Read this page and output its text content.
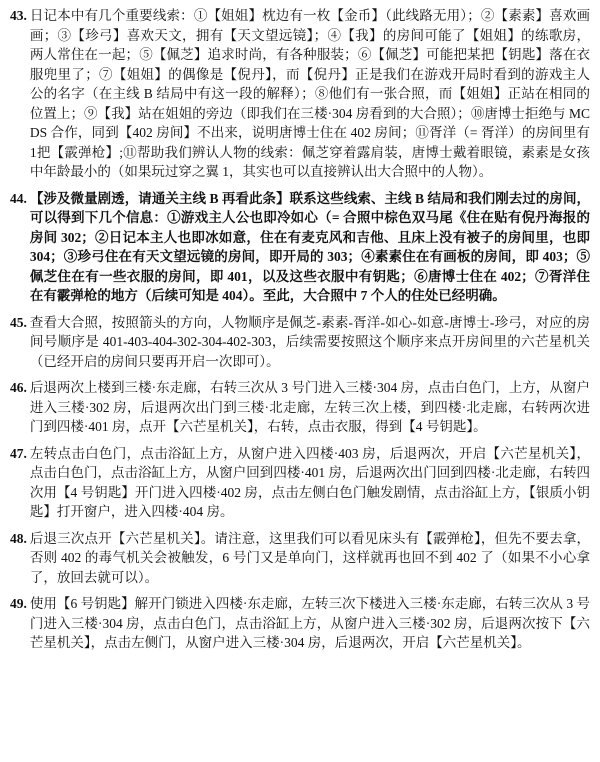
43. 日记本中有几个重要线索：①【姐姐】枕边有一枚【金币】（此线路无用）；②【素素】喜欢画画；③【珍弓】喜欢天文，拥有【天文望远镜】；④【我】的房间可能了【姐姐】的练歌房，两人常住在一起；⑤【佩芝】追求时尚，有各种服装；⑥【佩芝】可能把某把【钥匙】落在衣服兜里了；⑦【姐姐】的偶像是【倪丹】，而【倪丹】正是我们在游戏开局时看到的游戏主人公的名字（在主线 B 结局中有这一段的解释）；⑧他们有一张合照，而【姐姐】正站在相同的位置上；⑨【我】站在姐姐的旁边（即我们在三楼·304 房看到的大合照）；⑩唐博士拒绝与 MCDS 合作，同到【402 房间】不出来，说明唐博士住在 402 房间；⑪胥洋（= 胥洋）的房间里有1把【霰弹枪】;⑪帮助我们辨认人物的线索：佩芝穿着露肩装，唐博士戴着眼镜，素素是女孩中年龄最小的（如果玩过穿之翼 1，其实也可以直接辨认出大合照中的人物）。
44. 【涉及微量剧透，请通关主线 B 再看此条】联系这些线索、主线 B 结局和我们刚去过的房间，可以得到下几个信息：①游戏主人公也即冷如心（= 合照中棕色双马尾《住在贴有倪丹海报的房间 302；②日记本主人也即冰如意，住在有麦克风和吉他、且床上没有被子的房间里，也即 304；③珍弓住在有天文望远镜的房间，即开局的 303；④素素住在有画板的房间，即 403；⑤佩芝住在有一些衣服的房间，即 401，以及这些衣服中有钥匙；⑥唐博士住在 402；⑦胥洋住在有霰弹枪的地方（后续可知是 404）。至此，大合照中 7 个人的住处已经明确。
45. 查看大合照，按照箭头的方向，人物顺序是佩芝-素素-胥洋-如心-如意-唐博士-珍弓，对应的房间号顺序是 401-403-404-302-304-402-303，后续需要按照这个顺序来点开房间里的六芒星机关（已经开启的房间只要再开启一次即可）。
46. 后退两次上楼到三楼·东走廊，右转三次从 3 号门进入三楼·304 房，点击白色门，上方，从窗户进入三楼·302 房，后退两次出门到三楼·北走廊，左转三次上楼，到四楼·北走廊，右转两次进门到四楼·401 房，点开【六芒星机关】，右转，点击衣服，得到【4 号钥匙】。
47. 左转点击白色门，点击浴缸上方，从窗户进入四楼·403 房，后退两次，开启【六芒星机关】，点击白色门，点击浴缸上方，从窗户回到四楼·401 房，后退两次出门回到四楼·北走廊，右转四次用【4 号钥匙】开门进入四楼·402 房，点击左侧白色门触发剧情，点击浴缸上方，【银质小钥匙】打开窗户，进入四楼·404 房。
48. 后退三次点开【六芒星机关】。请注意，这里我们可以看见床头有【霰弹枪】，但先不要去拿，否则 402 的毒气机关会被触发，6 号门又是单向门，这样就再也回不到 402 了（如果不小心拿了，放回去就可以）。
49. 使用【6 号钥匙】解开门锁进入四楼·东走廊，左转三次下楼进入三楼·东走廊，右转三次从 3 号门进入三楼·304 房，点击白色门，点击浴缸上方，从窗户进入三楼·302 房，后退两次按下【六芒星机关】，点击左侧门，从窗户进入三楼·304 房，后退两次，开启【六芒星机关】。
